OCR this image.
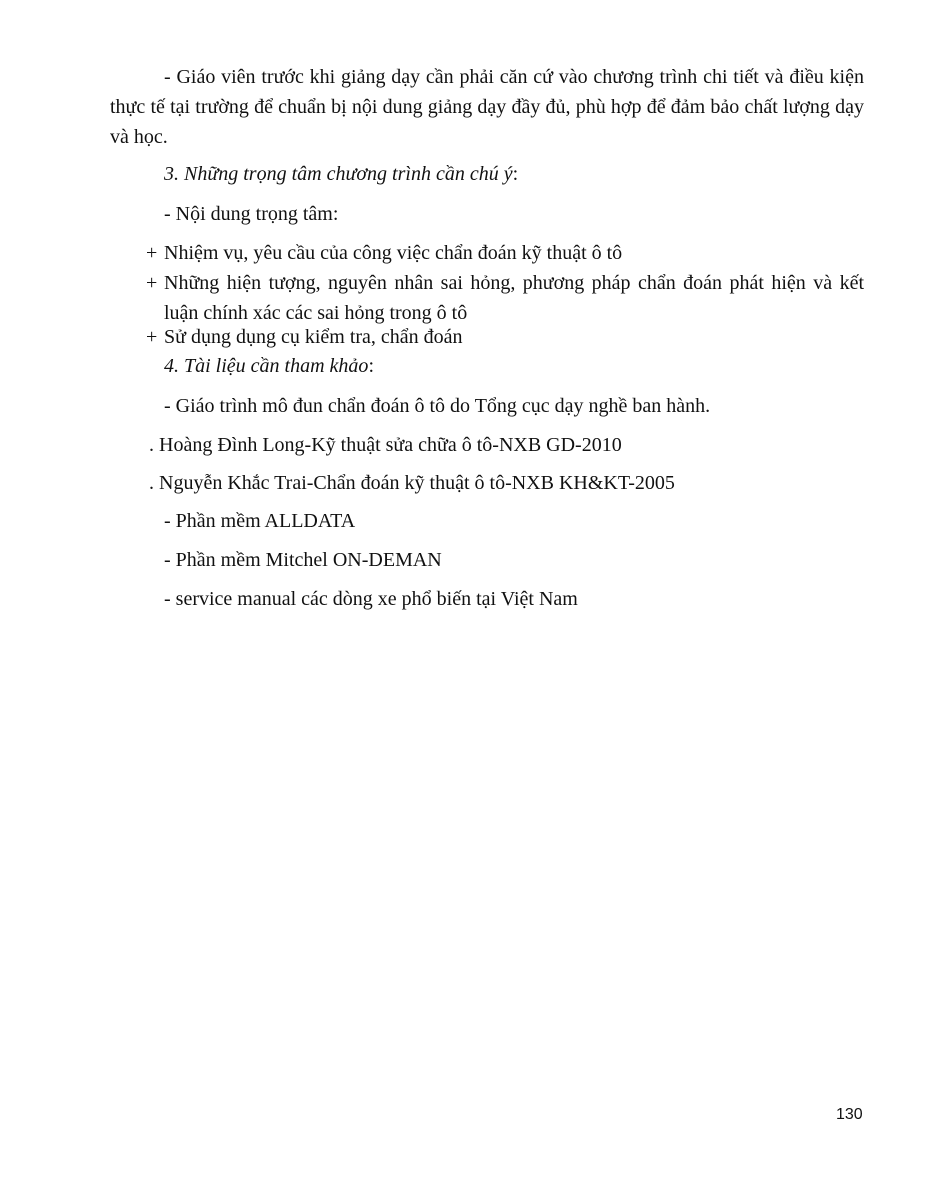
- Giáo viên trước khi giảng dạy cần phải căn cứ vào chương trình chi tiết và điều kiện thực tế tại trường để chuẩn bị nội dung giảng dạy đầy đủ, phù hợp để đảm bảo chất lượng dạy và học.
3. Những trọng tâm chương trình cần chú ý:
- Nội dung trọng tâm:
+ Nhiệm vụ, yêu cầu của công việc chẩn đoán kỹ thuật ô tô
+ Những hiện tượng, nguyên nhân sai hỏng, phương pháp chẩn đoán phát hiện và kết luận chính xác các sai hỏng trong ô tô
+ Sử dụng dụng cụ kiểm tra, chẩn đoán
4. Tài liệu cần tham khảo:
- Giáo trình mô đun chẩn đoán ô tô do Tổng cục dạy nghề ban hành.
. Hoàng Đình Long-Kỹ thuật sửa chữa ô tô-NXB GD-2010
. Nguyễn Khắc Trai-Chẩn đoán kỹ thuật ô tô-NXB KH&KT-2005
- Phần mềm ALLDATA
- Phần mềm Mitchel ON-DEMAN
- service manual các dòng xe phổ biến tại Việt Nam
130
